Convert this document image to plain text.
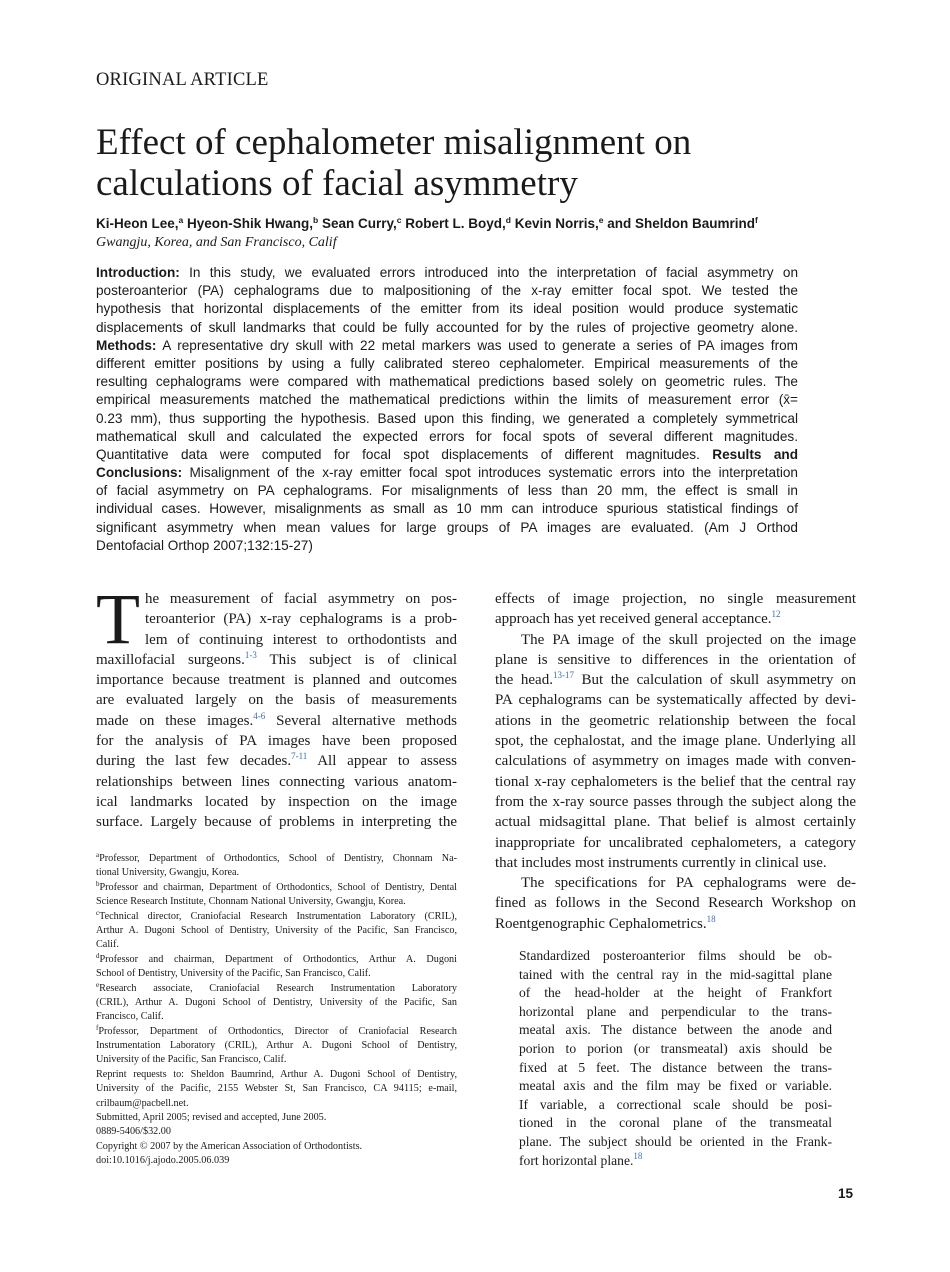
ORIGINAL ARTICLE
Effect of cephalometer misalignment on
calculations of facial asymmetry
Ki-Heon Lee,$^a$ Hyeon-Shik Hwang,$^b$ Sean Curry,$^c$ Robert L. Boyd,$^d$ Kevin Norris,$^e$ and Sheldon Baumrind$^f$
Gwangju, Korea, and San Francisco, Calif
Introduction: In this study, we evaluated errors introduced into the interpretation of facial asymmetry on
posteroanterior (PA) cephalograms due to malpositioning of the x-ray emitter focal spot. We tested the
hypothesis that horizontal displacements of the emitter from its ideal position would produce systematic
displacements of skull landmarks that could be fully accounted for by the rules of projective geometry alone.
Methods: A representative dry skull with 22 metal markers was used to generate a series of PA images from
different emitter positions by using a fully calibrated stereo cephalometer. Empirical measurements of the
resulting cephalograms were compared with mathematical predictions based solely on geometric rules. The
empirical measurements matched the mathematical predictions within the limits of measurement error (x̄=
0.23 mm), thus supporting the hypothesis. Based upon this finding, we generated a completely symmetrical
mathematical skull and calculated the expected errors for focal spots of several different magnitudes.
Quantitative data were computed for focal spot displacements of different magnitudes. Results and
Conclusions: Misalignment of the x-ray emitter focal spot introduces systematic errors into the interpretation
of facial asymmetry on PA cephalograms. For misalignments of less than 20 mm, the effect is small in
individual cases. However, misalignments as small as 10 mm can introduce spurious statistical findings of
significant asymmetry when mean values for large groups of PA images are evaluated. (Am J Orthod
Dentofacial Orthop 2007;132:15-27)
T he measurement of facial asymmetry on pos-
teroanterior (PA) x-ray cephalograms is a prob-
lem of continuing interest to orthodontists and
maxillofacial surgeons.$^{1-3}$ This subject is of clinical
importance because treatment is planned and outcomes
are evaluated largely on the basis of measurements
made on these images.$^{4-6}$ Several alternative methods
for the analysis of PA images have been proposed
during the last few decades.$^{7-11}$ All appear to assess
relationships between lines connecting various anatom-
ical landmarks located by inspection on the image
surface. Largely because of problems in interpreting the
$^a$Professor, Department of Orthodontics, School of Dentistry, Chonnam Na-
tional University, Gwangju, Korea.
$^b$Professor and chairman, Department of Orthodontics, School of Dentistry, Dental
Science Research Institute, Chonnam National University, Gwangju, Korea.
$^c$Technical director, Craniofacial Research Instrumentation Laboratory (CRIL),
Arthur A. Dugoni School of Dentistry, University of the Pacific, San Francisco,
Calif.
$^d$Professor and chairman, Department of Orthodontics, Arthur A. Dugoni
School of Dentistry, University of the Pacific, San Francisco, Calif.
$^e$Research associate, Craniofacial Research Instrumentation Laboratory
(CRIL), Arthur A. Dugoni School of Dentistry, University of the Pacific, San
Francisco, Calif.
$^f$Professor, Department of Orthodontics, Director of Craniofacial Research
Instrumentation Laboratory (CRIL), Arthur A. Dugoni School of Dentistry,
University of the Pacific, San Francisco, Calif.
Reprint requests to: Sheldon Baumrind, Arthur A. Dugoni School of Dentistry,
University of the Pacific, 2155 Webster St, San Francisco, CA 94115; e-mail,
crilbaum@pacbell.net.
Submitted, April 2005; revised and accepted, June 2005.
0889-5406/$32.00
Copyright © 2007 by the American Association of Orthodontists.
doi:10.1016/j.ajodo.2005.06.039
effects of image projection, no single measurement
approach has yet received general acceptance.$^{12}$
The PA image of the skull projected on the image
plane is sensitive to differences in the orientation of
the head.$^{13-17}$ But the calculation of skull asymmetry on
PA cephalograms can be systematically affected by devi-
ations in the geometric relationship between the focal
spot, the cephalostat, and the image plane. Underlying all
calculations of asymmetry on images made with conven-
tional x-ray cephalometers is the belief that the central ray
from the x-ray source passes through the subject along the
actual midsagittal plane. That belief is almost certainly
inappropriate for uncalibrated cephalometers, a category
that includes most instruments currently in clinical use.
The specifications for PA cephalograms were de-
fined as follows in the Second Research Workshop on
Roentgenographic Cephalometrics.$^{18}$
Standardized posteroanterior films should be ob-
tained with the central ray in the mid-sagittal plane
of the head-holder at the height of Frankfort
horizontal plane and perpendicular to the trans-
meatal axis. The distance between the anode and
porion to porion (or transmeatal) axis should be
fixed at 5 feet. The distance between the trans-
meatal axis and the film may be fixed or variable.
If variable, a correctional scale should be posi-
tioned in the coronal plane of the transmeatal
plane. The subject should be oriented in the Frank-
fort horizontal plane.$^{18}$
15
